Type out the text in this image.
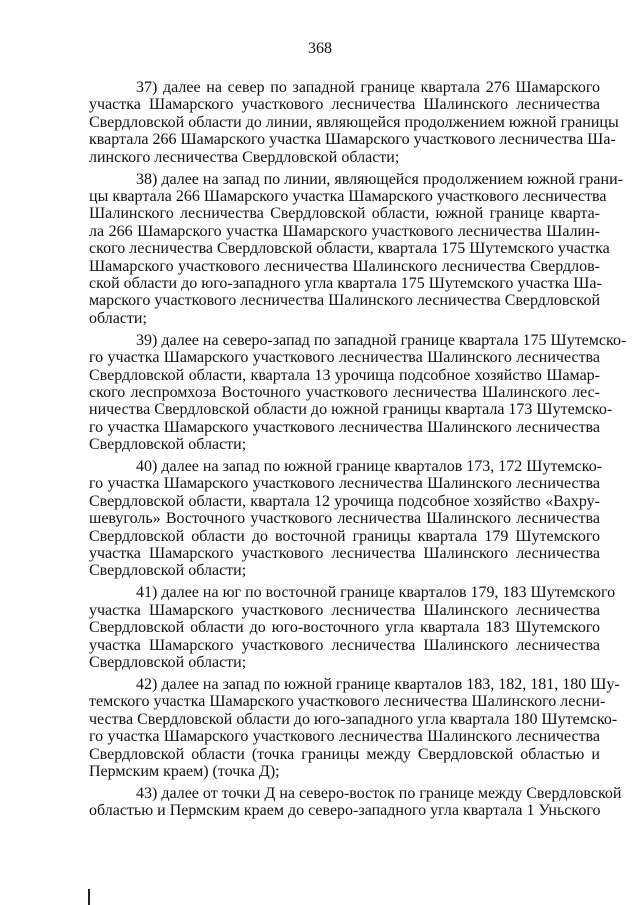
368

37) далее на север по западной границе квартала 276 Шамарского
участка Шамарского участкового лесничества Шалинского лесничества
Свердловской области до линии, являющейся продолжением южной границы
квартала 266 Шамарского участка Шамарского участкового лесничества Ша-
линского лесничества Свердловской области;

38) далее на запад по линии, являющейся продолжением южной грани-
цы квартала 266 Шамарского участка Шамарского участкового лесничества
Шалинского лесничества Свердловской области, южной границе кварта-
ла 266 Шамарского участка Шамарского участкового лесничества Шалин-
ского лесничества Свердловской области, квартала 175 Шутемского участка
Шамарского участкового лесничества Шалинского лесничества Свердлов-
ской области до юго-западного угла квартала 175 Шутемского участка Ша-
марского участкового лесничества Шалинского лесничества Свердловской
области;

39) далее на северо-запад по западной границе квартала 175 Шутемско-
го участка Шамарского участкового лесничества Шалинского лесничества
Свердловской области, квартала 13 урочища подсобное хозяйство Шамар-
ского леспромхоза Восточного участкового лесничества Шалинского лес-
ничества Свердловской области до южной границы квартала 173 Шутемско-
го участка Шамарского участкового лесничества Шалинского лесничества
Свердловской области;

40) далее на запад по южной границе кварталов 173, 172 Шутемско-
го участка Шамарского участкового лесничества Шалинского лесничества
Свердловской области, квартала 12 урочища подсобное хозяйство «Вахру-
шевуголь» Восточного участкового лесничества Шалинского лесничества
Свердловской области до восточной границы квартала 179 Шутемского
участка Шамарского участкового лесничества Шалинского лесничества
Свердловской области;

41) далее на юг по восточной границе кварталов 179, 183 Шутемского
участка Шамарского участкового лесничества Шалинского лесничества
Свердловской области до юго-восточного угла квартала 183 Шутемского
участка Шамарского участкового лесничества Шалинского лесничества
Свердловской области;

42) далее на запад по южной границе кварталов 183, 182, 181, 180 Шу-
темского участка Шамарского участкового лесничества Шалинского лесни-
чества Свердловской области до юго-западного угла квартала 180 Шутемско-
го участка Шамарского участкового лесничества Шалинского лесничества
Свердловской области (точка границы между Свердловской областью и
Пермским краем) (точка Д);

43) далее от точки Д на северо-восток по границе между Свердловской
областью и Пермским краем до северо-западного угла квартала 1 Уньского
